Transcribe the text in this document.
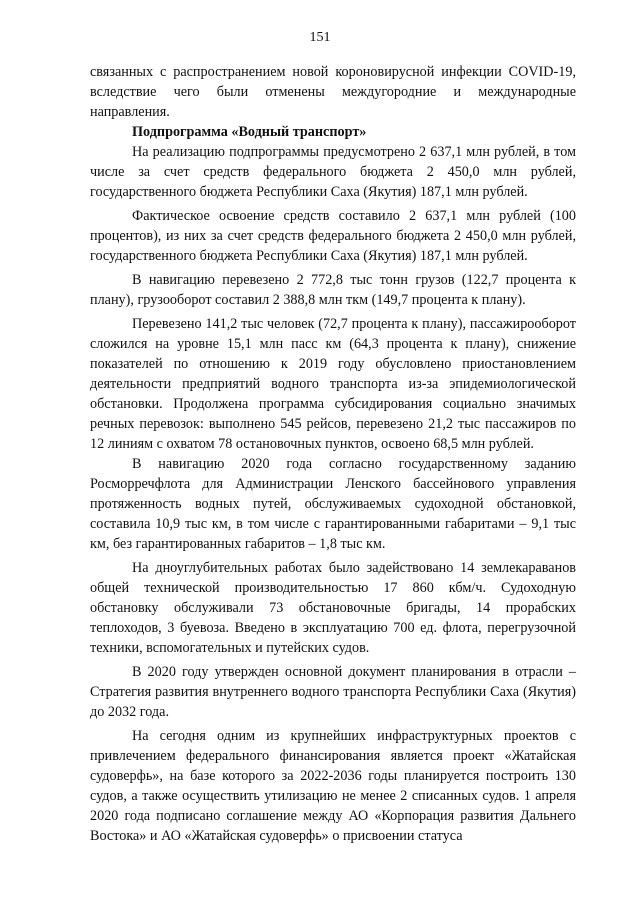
151

связанных с распространением новой короновирусной инфекции COVID-19, вследствие чего были отменены междугородние и международные направления.

Подпрограмма «Водный транспорт»

На реализацию подпрограммы предусмотрено 2 637,1 млн рублей, в том числе за счет средств федерального бюджета 2 450,0 млн рублей, государственного бюджета Республики Саха (Якутия) 187,1 млн рублей.

Фактическое освоение средств составило 2 637,1 млн рублей (100 процентов), из них за счет средств федерального бюджета 2 450,0 млн рублей, государственного бюджета Республики Саха (Якутия) 187,1 млн рублей.

В навигацию перевезено 2 772,8 тыс тонн грузов (122,7 процента к плану), грузооборот составил 2 388,8 млн ткм (149,7 процента к плану).

Перевезено 141,2 тыс человек (72,7 процента к плану), пассажирооборот сложился на уровне 15,1 млн пасс км (64,3 процента к плану), снижение показателей по отношению к 2019 году обусловлено приостановлением деятельности предприятий водного транспорта из-за эпидемиологической обстановки. Продолжена программа субсидирования социально значимых речных перевозок: выполнено 545 рейсов, перевезено 21,2 тыс пассажиров по 12 линиям с охватом 78 остановочных пунктов, освоено 68,5 млн рублей.

В навигацию 2020 года согласно государственному заданию Росморречфлота для Администрации Ленского бассейнового управления протяженность водных путей, обслуживаемых судоходной обстановкой, составила 10,9 тыс км, в том числе с гарантированными габаритами – 9,1 тыс км, без гарантированных габаритов – 1,8 тыс км.

На дноуглубительных работах было задействовано 14 землекараванов общей технической производительностью 17 860 кбм/ч. Судоходную обстановку обслуживали 73 обстановочные бригады, 14 прорабских теплоходов, 3 буевоза. Введено в эксплуатацию 700 ед. флота, перегрузочной техники, вспомогательных и путейских судов.

В 2020 году утвержден основной документ планирования в отрасли – Стратегия развития внутреннего водного транспорта Республики Саха (Якутия) до 2032 года.

На сегодня одним из крупнейших инфраструктурных проектов с привлечением федерального финансирования является проект «Жатайская судоверфь», на базе которого за 2022-2036 годы планируется построить 130 судов, а также осуществить утилизацию не менее 2 списанных судов. 1 апреля 2020 года подписано соглашение между АО «Корпорация развития Дальнего Востока» и АО «Жатайская судоверфь» о присвоении статуса
